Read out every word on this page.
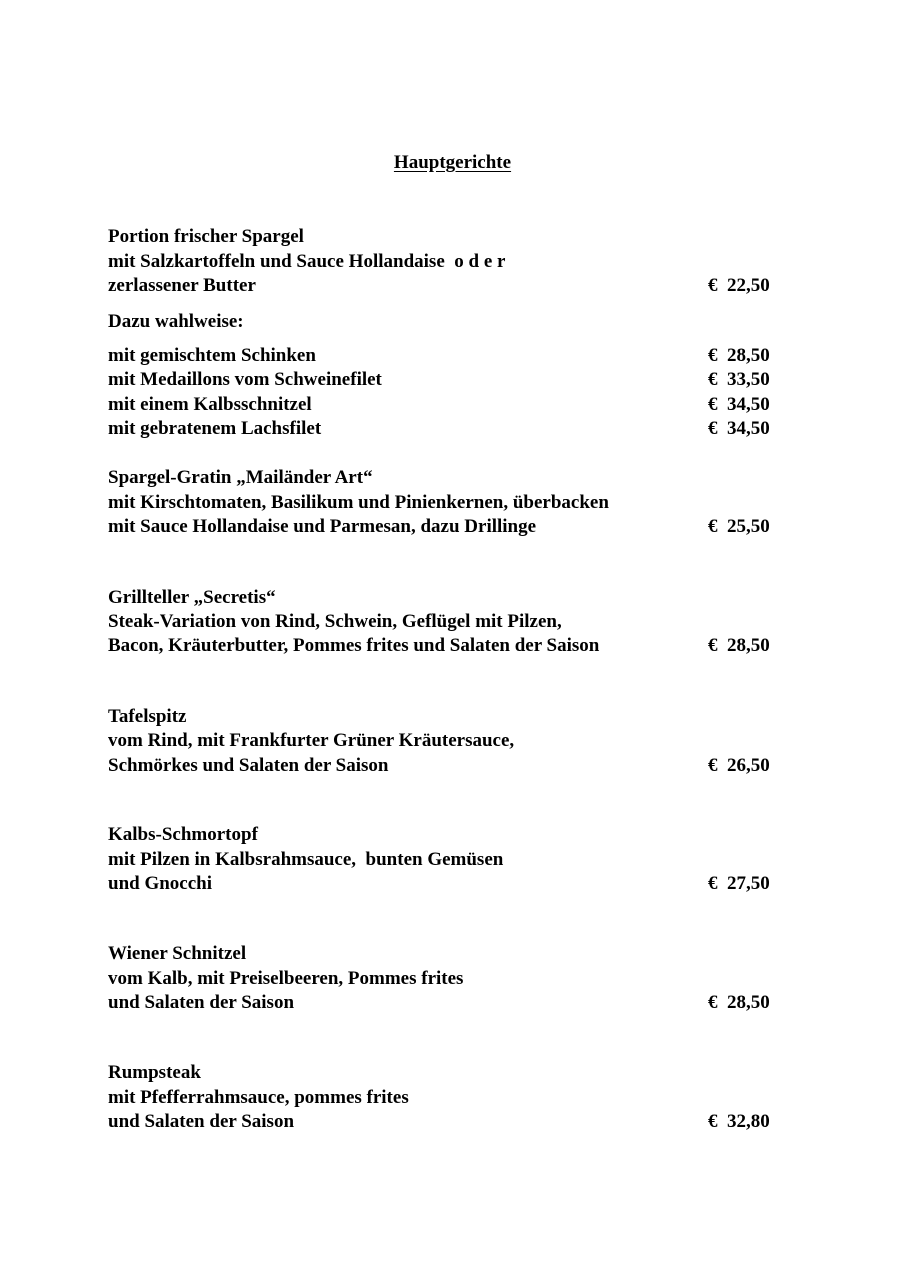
Hauptgerichte
Portion frischer Spargel
mit Salzkartoffeln und Sauce Hollandaise  o d e r
zerlassener Butter	€  22,50
Dazu wahlweise:
mit gemischtem Schinken	€  28,50
mit Medaillons vom Schweinefilet	€  33,50
mit einem Kalbsschnitzel	€  34,50
mit gebratenem Lachsfilet	€  34,50
Spargel-Gratin „Mailänder Art“
mit Kirschtomaten, Basilikum und Pinienkernen, überbacken
mit Sauce Hollandaise und Parmesan, dazu Drillinge	€  25,50
Grillteller „Secretis“
Steak-Variation von Rind, Schwein, Geflügel mit Pilzen,
Bacon, Kräuterbutter, Pommes frites und Salaten der Saison	€  28,50
Tafelspitz
vom Rind, mit Frankfurter Grüner Kräutersauce,
Schmörkes und Salaten der Saison	€  26,50
Kalbs-Schmortopf
mit Pilzen in Kalbsrahmsauce,  bunten Gemüsen
und Gnocchi	€  27,50
Wiener Schnitzel
vom Kalb, mit Preiselbeeren, Pommes frites
und Salaten der Saison	€  28,50
Rumpsteak
mit Pfefferrahmsauce, pommes frites
und Salaten der Saison	€  32,80
